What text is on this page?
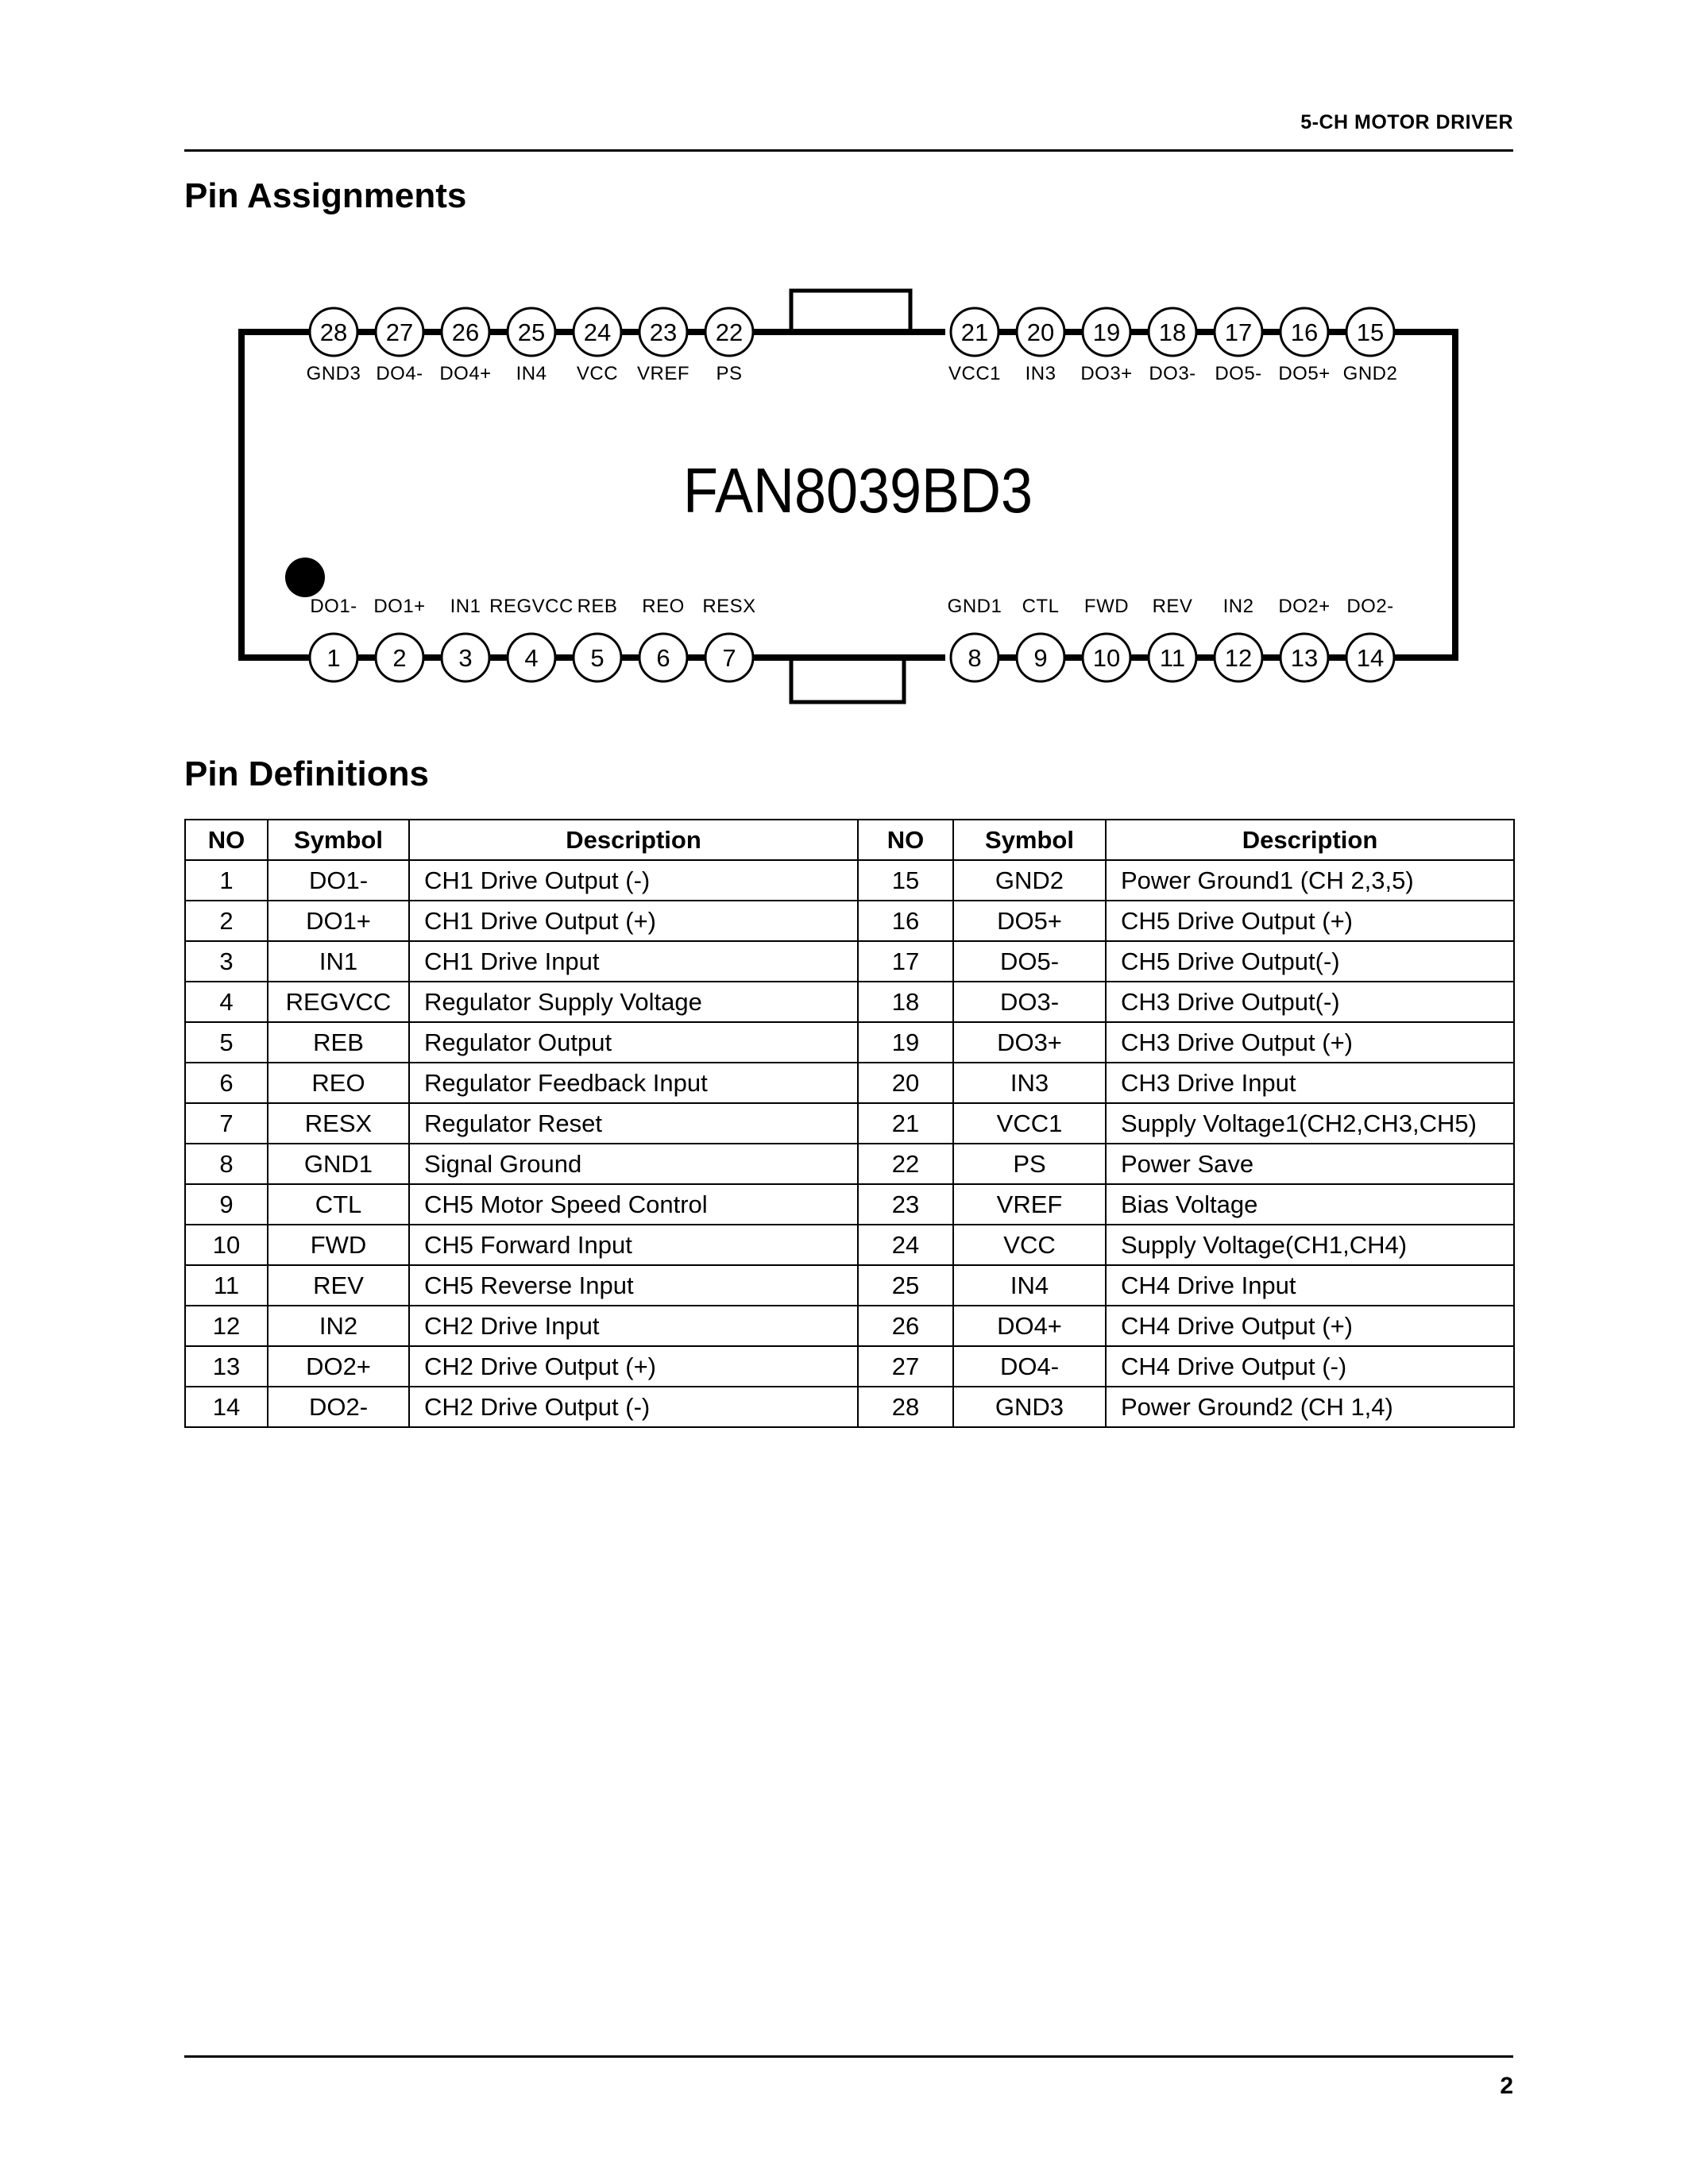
5-CH MOTOR DRIVER
Pin Assignments
FAN8039BD3
28
GND3
27
DO4-
26
DO4+
25
IN4
24
VCC
23
VREF
22
PS
21
VCC1
20
IN3
19
DO3+
18
DO3-
17
DO5-
16
DO5+
15
GND2
1
DO1-
2
DO1+
3
IN1
4
REGVCC
5
REB
6
REO
7
RESX
8
GND1
9
CTL
10
FWD
11
REV
12
IN2
13
DO2+
14
DO2-
Pin Definitions
NO	Symbol	Description	NO	Symbol	Description
1	DO1-	CH1 Drive Output (-)	15	GND2	Power Ground1 (CH 2,3,5)
2	DO1+	CH1 Drive Output (+)	16	DO5+	CH5 Drive Output (+)
3	IN1	CH1 Drive Input	17	DO5-	CH5 Drive Output(-)
4	REGVCC	Regulator Supply Voltage	18	DO3-	CH3 Drive Output(-)
5	REB	Regulator Output	19	DO3+	CH3 Drive Output (+)
6	REO	Regulator Feedback Input	20	IN3	CH3 Drive Input
7	RESX	Regulator Reset	21	VCC1	Supply Voltage1(CH2,CH3,CH5)
8	GND1	Signal Ground	22	PS	Power Save
9	CTL	CH5 Motor Speed Control	23	VREF	Bias Voltage
10	FWD	CH5 Forward Input	24	VCC	Supply Voltage(CH1,CH4)
11	REV	CH5 Reverse Input	25	IN4	CH4 Drive Input
12	IN2	CH2 Drive Input	26	DO4+	CH4 Drive Output (+)
13	DO2+	CH2 Drive Output (+)	27	DO4-	CH4 Drive Output (-)
14	DO2-	CH2 Drive Output (-)	28	GND3	Power Ground2 (CH 1,4)
2
